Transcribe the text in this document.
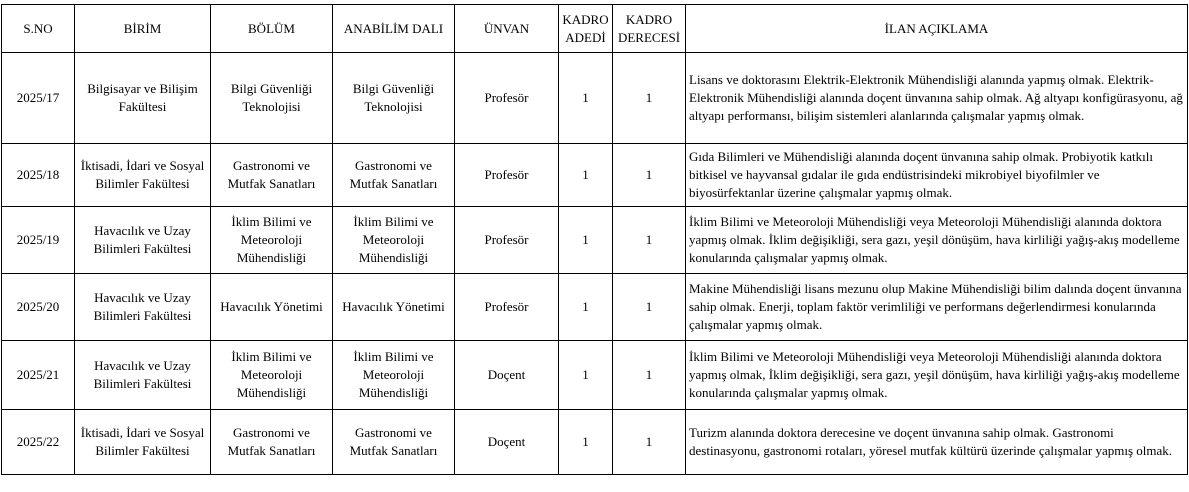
S.NO	BİRİM	BÖLÜM	ANABİLİM DALI	ÜNVAN	KADRO ADEDİ	KADRO DERECESİ	İLAN AÇIKLAMA
2025/17	Bilgisayar ve Bilişim Fakültesi	Bilgi Güvenliği Teknolojisi	Bilgi Güvenliği Teknolojisi	Profesör	1	1	Lisans ve doktorasını Elektrik-Elektronik Mühendisliği alanında yapmış olmak. Elektrik-Elektronik Mühendisliği alanında doçent ünvanına sahip olmak. Ağ altyapı konfigürasyonu, ağ altyapı performansı, bilişim sistemleri alanlarında çalışmalar yapmış olmak.
2025/18	İktisadi, İdari ve Sosyal Bilimler Fakültesi	Gastronomi ve Mutfak Sanatları	Gastronomi ve Mutfak Sanatları	Profesör	1	1	Gıda Bilimleri ve Mühendisliği alanında doçent ünvanına sahip olmak. Probiyotik katkılı bitkisel ve hayvansal gıdalar ile gıda endüstrisindeki mikrobiyel biyofilmler ve biyosürfektanlar üzerine çalışmalar yapmış olmak.
2025/19	Havacılık ve Uzay Bilimleri Fakültesi	İklim Bilimi ve Meteoroloji Mühendisliği	İklim Bilimi ve Meteoroloji Mühendisliği	Profesör	1	1	İklim Bilimi ve Meteoroloji Mühendisliği veya Meteoroloji Mühendisliği alanında doktora yapmış olmak. İklim değişikliği, sera gazı, yeşil dönüşüm, hava kirliliği yağış-akış modelleme konularında çalışmalar yapmış olmak.
2025/20	Havacılık ve Uzay Bilimleri Fakültesi	Havacılık Yönetimi	Havacılık Yönetimi	Profesör	1	1	Makine Mühendisliği lisans mezunu olup Makine Mühendisliği bilim dalında doçent ünvanına sahip olmak. Enerji, toplam faktör verimliliği ve performans değerlendirmesi konularında çalışmalar yapmış olmak.
2025/21	Havacılık ve Uzay Bilimleri Fakültesi	İklim Bilimi ve Meteoroloji Mühendisliği	İklim Bilimi ve Meteoroloji Mühendisliği	Doçent	1	1	İklim Bilimi ve Meteoroloji Mühendisliği veya Meteoroloji Mühendisliği alanında doktora yapmış olmak, İklim değişikliği, sera gazı, yeşil dönüşüm, hava kirliliği yağış-akış modelleme konularında çalışmalar yapmış olmak.
2025/22	İktisadi, İdari ve Sosyal Bilimler Fakültesi	Gastronomi ve Mutfak Sanatları	Gastronomi ve Mutfak Sanatları	Doçent	1	1	Turizm alanında doktora derecesine ve doçent ünvanına sahip olmak. Gastronomi destinasyonu, gastronomi rotaları, yöresel mutfak kültürü üzerinde çalışmalar yapmış olmak.
